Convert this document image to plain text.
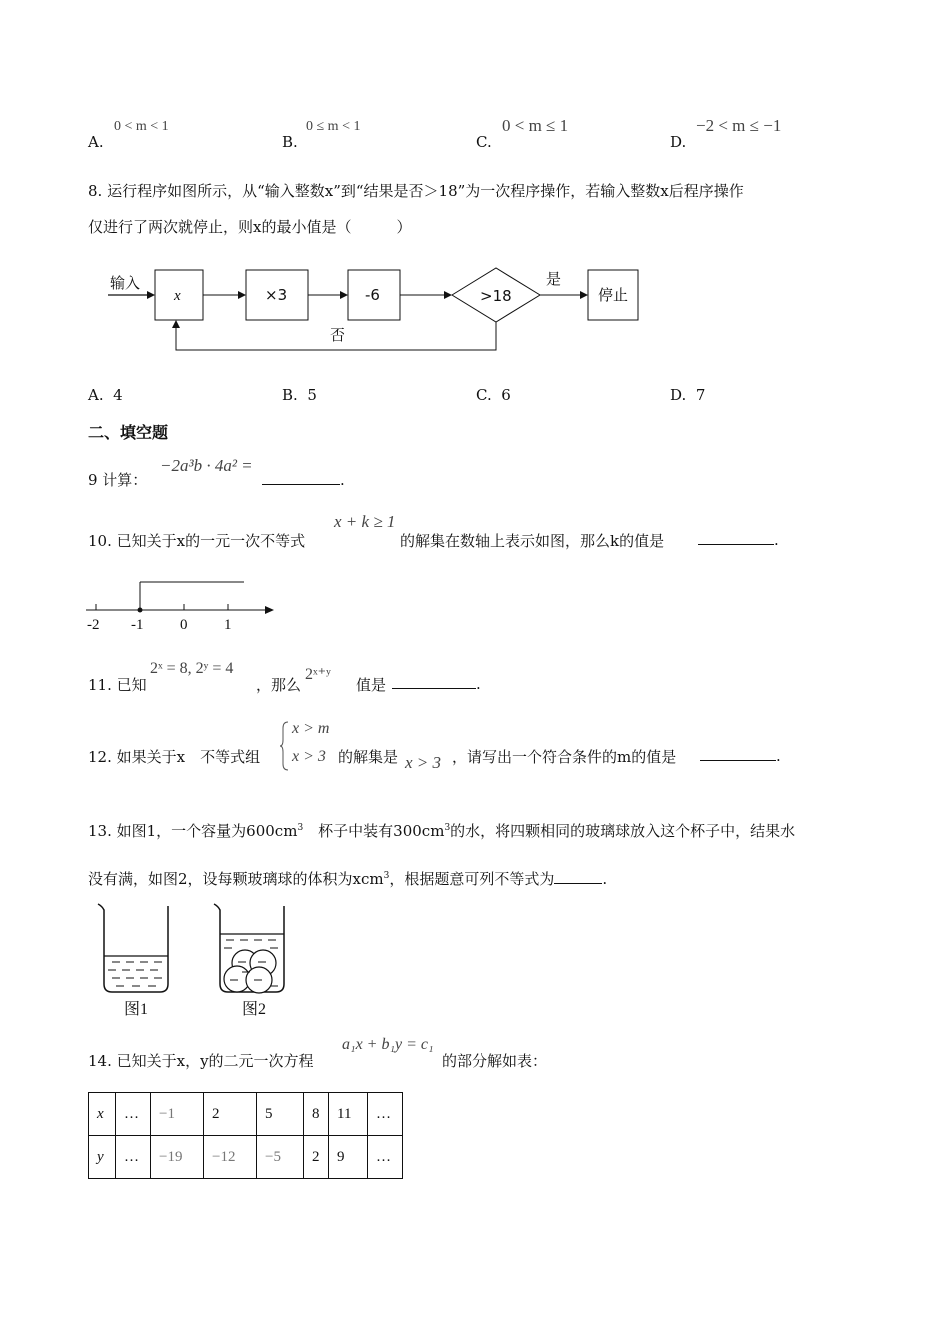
A.
0 < m < 1
B.
0 ≤ m < 1
C.
0 < m ≤ 1
D.
−2 < m ≤ −1
8. 运行程序如图所示，从“输入整数x”到“结果是否＞18”为一次程序操作，若输入整数x后程序操作
仅进行了两次就停止，则x的最小值是（　　　）
输入
x	×3	-6	>18
是
停止
否
A. 4	B. 5	C. 6	D. 7
二、填空题
9 计算：
−2a³b · 4a² =
.
10. 已知关于x的一元一次不等式
x + k ≥ 1
的解集在数轴上表示如图，那么k的值是	.
-2 -1 0 1
11. 已知
2ˣ = 8, 2ʸ = 4
，那么
2ˣ⁺ʸ
值是	.
12. 如果关于x　不等式组
x > m
x > 3 的解集是 x > 3 ，请写出一个符合条件的m的值是	.
13. 如图1，一个容量为$600cm^3$　杯子中装有$300cm^3$的水，将四颗相同的玻璃球放入这个杯子中，结果水
没有满，如图2，设每颗玻璃球的体积为xcm$^3$，根据题意可列不等式为	.
图1	图2
14. 已知关于x，y的二元一次方程
a₁x + b₁y = c₁
的部分解如表：
x	…	−1	2	5	8	11	…
y	…	−19	−12	−5	2	9	…
